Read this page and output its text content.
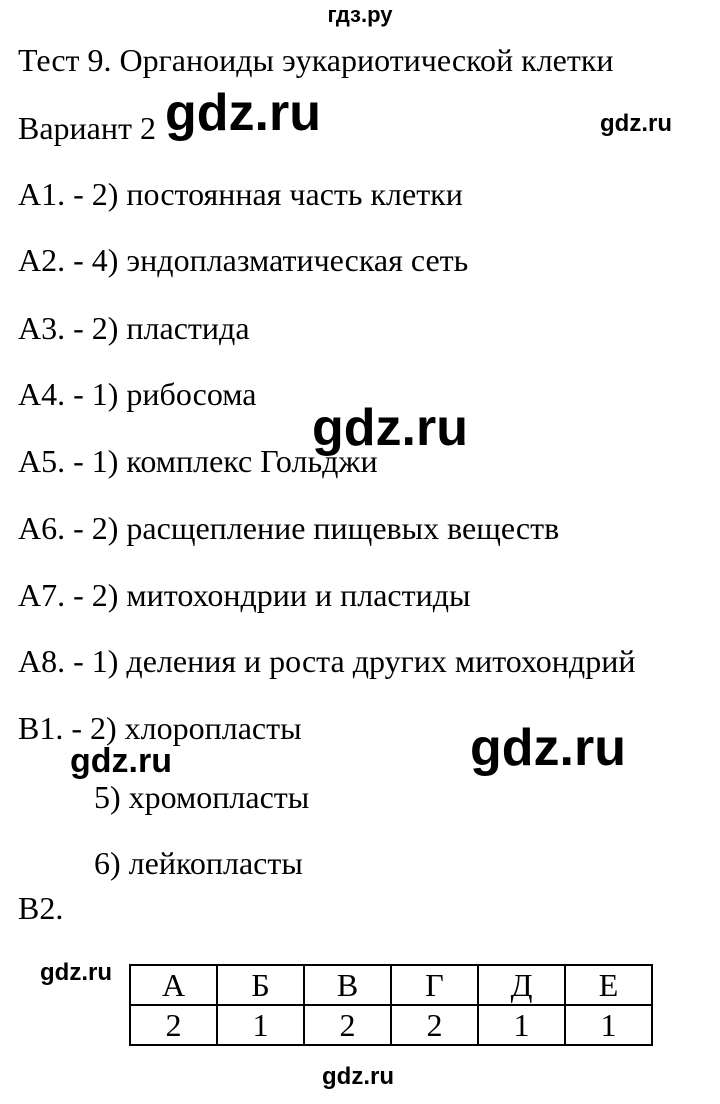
гдз.ру
Тест 9. Органоиды эукариотической клетки
Вариант 2
А1. - 2) постоянная часть клетки
А2. - 4) эндоплазматическая сеть
А3. - 2) пластида
А4. - 1) рибосома
А5. - 1) комплекс Гольджи
А6. - 2) расщепление пищевых веществ
А7. - 2) митохондрии и пластиды
А8. - 1) деления и роста других митохондрий
В1. - 2) хлоропласты
5) хромопласты
6) лейкопласты
В2.
А	Б	В	Г	Д	Е
2	1	2	2	1	1
gdz.ru	gdz.ru
gdz.ru
gdz.ru
gdz.ru
gdz.ru
gdz.ru
